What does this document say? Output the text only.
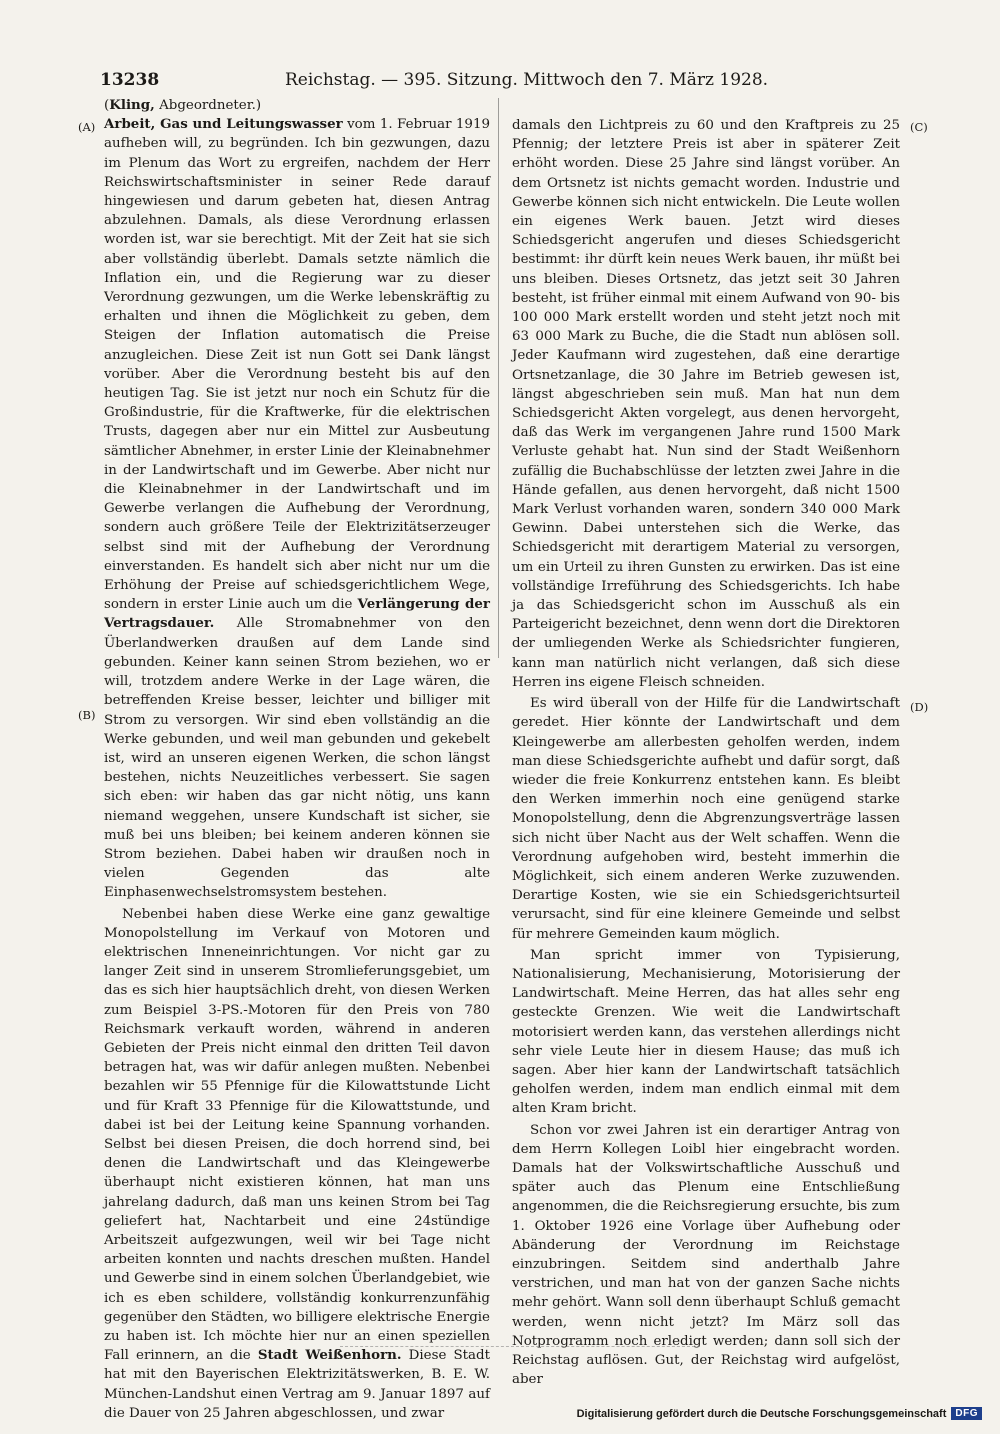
13238	Reichstag. — 395. Sitzung. Mittwoch den 7. März 1928.
(A)
(B)
(C)
(D)
(Kling, Abgeordneter.)

Arbeit, Gas und Leitungswasser vom 1. Februar 1919 aufheben will, zu begründen. Ich bin gezwungen, dazu im Plenum das Wort zu ergreifen, nachdem der Herr Reichswirtschaftsminister in seiner Rede darauf hingewiesen und darum gebeten hat, diesen Antrag abzulehnen. Damals, als diese Verordnung erlassen worden ist, war sie berechtigt. Mit der Zeit hat sie sich aber vollständig überlebt. Damals setzte nämlich die Inflation ein, und die Regierung war zu dieser Verordnung gezwungen, um die Werke lebenskräftig zu erhalten und ihnen die Möglichkeit zu geben, dem Steigen der Inflation automatisch die Preise anzugleichen. Diese Zeit ist nun Gott sei Dank längst vorüber. Aber die Verordnung besteht bis auf den heutigen Tag. Sie ist jetzt nur noch ein Schutz für die Großindustrie, für die Kraftwerke, für die elektrischen Trusts, dagegen aber nur ein Mittel zur Ausbeutung sämtlicher Abnehmer, in erster Linie der Kleinabnehmer in der Landwirtschaft und im Gewerbe. Aber nicht nur die Kleinabnehmer in der Landwirtschaft und im Gewerbe verlangen die Aufhebung der Verordnung, sondern auch größere Teile der Elektrizitätserzeuger selbst sind mit der Aufhebung der Verordnung einverstanden. Es handelt sich aber nicht nur um die Erhöhung der Preise auf schiedsgerichtlichem Wege, sondern in erster Linie auch um die Verlängerung der Vertragsdauer. Alle Stromabnehmer von den Überlandwerken draußen auf dem Lande sind gebunden. Keiner kann seinen Strom beziehen, wo er will, trotzdem andere Werke in der Lage wären, die betreffenden Kreise besser, leichter und billiger mit Strom zu versorgen. Wir sind eben vollständig an die Werke gebunden, und weil man gebunden und gekebelt ist, wird an unseren eigenen Werken, die schon längst bestehen, nichts Neuzeitliches verbessert. Sie sagen sich eben: wir haben das gar nicht nötig, uns kann niemand weggehen, unsere Kundschaft ist sicher, sie muß bei uns bleiben; bei keinem anderen können sie Strom beziehen. Dabei haben wir draußen noch in vielen Gegenden das alte Einphasenwechselstromsystem bestehen.

Nebenbei haben diese Werke eine ganz gewaltige Monopolstellung im Verkauf von Motoren und elektrischen Inneneinrichtungen. Vor nicht gar zu langer Zeit sind in unserem Stromlieferungsgebiet, um das es sich hier hauptsächlich dreht, von diesen Werken zum Beispiel 3-PS.-Motoren für den Preis von 780 Reichsmark verkauft worden, während in anderen Gebieten der Preis nicht einmal den dritten Teil davon betragen hat, was wir dafür anlegen mußten. Nebenbei bezahlen wir 55 Pfennige für die Kilowattstunde Licht und für Kraft 33 Pfennige für die Kilowattstunde, und dabei ist bei der Leitung keine Spannung vorhanden. Selbst bei diesen Preisen, die doch horrend sind, bei denen die Landwirtschaft und das Kleingewerbe überhaupt nicht existieren können, hat man uns jahrelang dadurch, daß man uns keinen Strom bei Tag geliefert hat, Nachtarbeit und eine 24stündige Arbeitszeit aufgezwungen, weil wir bei Tage nicht arbeiten konnten und nachts dreschen mußten. Handel und Gewerbe sind in einem solchen Überlandgebiet, wie ich es eben schildere, vollständig konkurrenzunfähig gegenüber den Städten, wo billigere elektrische Energie zu haben ist. Ich möchte hier nur an einen speziellen Fall erinnern, an die Stadt Weißenhorn. Diese Stadt hat mit den Bayerischen Elektrizitätswerken, B. E. W. München-Landshut einen Vertrag am 9. Januar 1897 auf die Dauer von 25 Jahren abgeschlossen, und zwar

damals den Lichtpreis zu 60 und den Kraftpreis zu 25 Pfennig; der letztere Preis ist aber in späterer Zeit erhöht worden. Diese 25 Jahre sind längst vorüber. An dem Ortsnetz ist nichts gemacht worden. Industrie und Gewerbe können sich nicht entwickeln. Die Leute wollen ein eigenes Werk bauen. Jetzt wird dieses Schiedsgericht angerufen und dieses Schiedsgericht bestimmt: ihr dürft kein neues Werk bauen, ihr müßt bei uns bleiben. Dieses Ortsnetz, das jetzt seit 30 Jahren besteht, ist früher einmal mit einem Aufwand von 90- bis 100 000 Mark erstellt worden und steht jetzt noch mit 63 000 Mark zu Buche, die die Stadt nun ablösen soll. Jeder Kaufmann wird zugestehen, daß eine derartige Ortsnetzanlage, die 30 Jahre im Betrieb gewesen ist, längst abgeschrieben sein muß. Man hat nun dem Schiedsgericht Akten vorgelegt, aus denen hervorgeht, daß das Werk im vergangenen Jahre rund 1500 Mark Verluste gehabt hat. Nun sind der Stadt Weißenhorn zufällig die Buchabschlüsse der letzten zwei Jahre in die Hände gefallen, aus denen hervorgeht, daß nicht 1500 Mark Verlust vorhanden waren, sondern 340 000 Mark Gewinn. Dabei unterstehen sich die Werke, das Schiedsgericht mit derartigem Material zu versorgen, um ein Urteil zu ihren Gunsten zu erwirken. Das ist eine vollständige Irreführung des Schiedsgerichts. Ich habe ja das Schiedsgericht schon im Ausschuß als ein Parteigericht bezeichnet, denn wenn dort die Direktoren der umliegenden Werke als Schiedsrichter fungieren, kann man natürlich nicht verlangen, daß sich diese Herren ins eigene Fleisch schneiden.

Es wird überall von der Hilfe für die Landwirtschaft geredet. Hier könnte der Landwirtschaft und dem Kleingewerbe am allerbesten geholfen werden, indem man diese Schiedsgerichte aufhebt und dafür sorgt, daß wieder die freie Konkurrenz entstehen kann. Es bleibt den Werken immerhin noch eine genügend starke Monopolstellung, denn die Abgrenzungsverträge lassen sich nicht über Nacht aus der Welt schaffen. Wenn die Verordnung aufgehoben wird, besteht immerhin die Möglichkeit, sich einem anderen Werke zuzuwenden. Derartige Kosten, wie sie ein Schiedsgerichtsurteil verursacht, sind für eine kleinere Gemeinde und selbst für mehrere Gemeinden kaum möglich.

Man spricht immer von Typisierung, Nationalisierung, Mechanisierung, Motorisierung der Landwirtschaft. Meine Herren, das hat alles sehr eng gesteckte Grenzen. Wie weit die Landwirtschaft motorisiert werden kann, das verstehen allerdings nicht sehr viele Leute hier in diesem Hause; das muß ich sagen. Aber hier kann der Landwirtschaft tatsächlich geholfen werden, indem man endlich einmal mit dem alten Kram bricht.

Schon vor zwei Jahren ist ein derartiger Antrag von dem Herrn Kollegen Loibl hier eingebracht worden. Damals hat der Volkswirtschaftliche Ausschuß und später auch das Plenum eine Entschließung angenommen, die die Reichsregierung ersuchte, bis zum 1. Oktober 1926 eine Vorlage über Aufhebung oder Abänderung der Verordnung im Reichstage einzubringen. Seitdem sind anderthalb Jahre verstrichen, und man hat von der ganzen Sache nichts mehr gehört. Wann soll denn überhaupt Schluß gemacht werden, wenn nicht jetzt? Im März soll das Notprogramm noch erledigt werden; dann soll sich der Reichstag auflösen. Gut, der Reichstag wird aufgelöst, aber

Digitalisierung gefördert durch die Deutsche Forschungsgemeinschaft DFG
